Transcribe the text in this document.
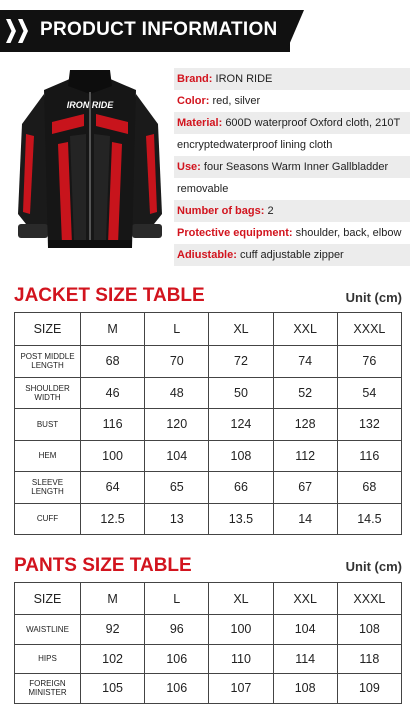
PRODUCT INFORMATION
IRON RIDE
Brand: IRON RIDE
Color: red, silver
Material: 600D waterproof Oxford cloth, 210T
encryptedwaterproof lining cloth
Use: four Seasons Warm Inner Gallbladder
removable
Number of bags: 2
Protective equipment: shoulder, back, elbow
Adiustable: cuff adjustable zipper
JACKET SIZE TABLE	Unit (cm)
SIZE	M	L	XL	XXL	XXXL
POST MIDDLE LENGTH	68	70	72	74	76
SHOULDER WIDTH	46	48	50	52	54
BUST	116	120	124	128	132
HEM	100	104	108	112	116
SLEEVE LENGTH	64	65	66	67	68
CUFF	12.5	13	13.5	14	14.5
PANTS SIZE TABLE	Unit (cm)
SIZE	M	L	XL	XXL	XXXL
WAISTLINE	92	96	100	104	108
HIPS	102	106	110	114	118
FOREIGN MINISTER	105	106	107	108	109
